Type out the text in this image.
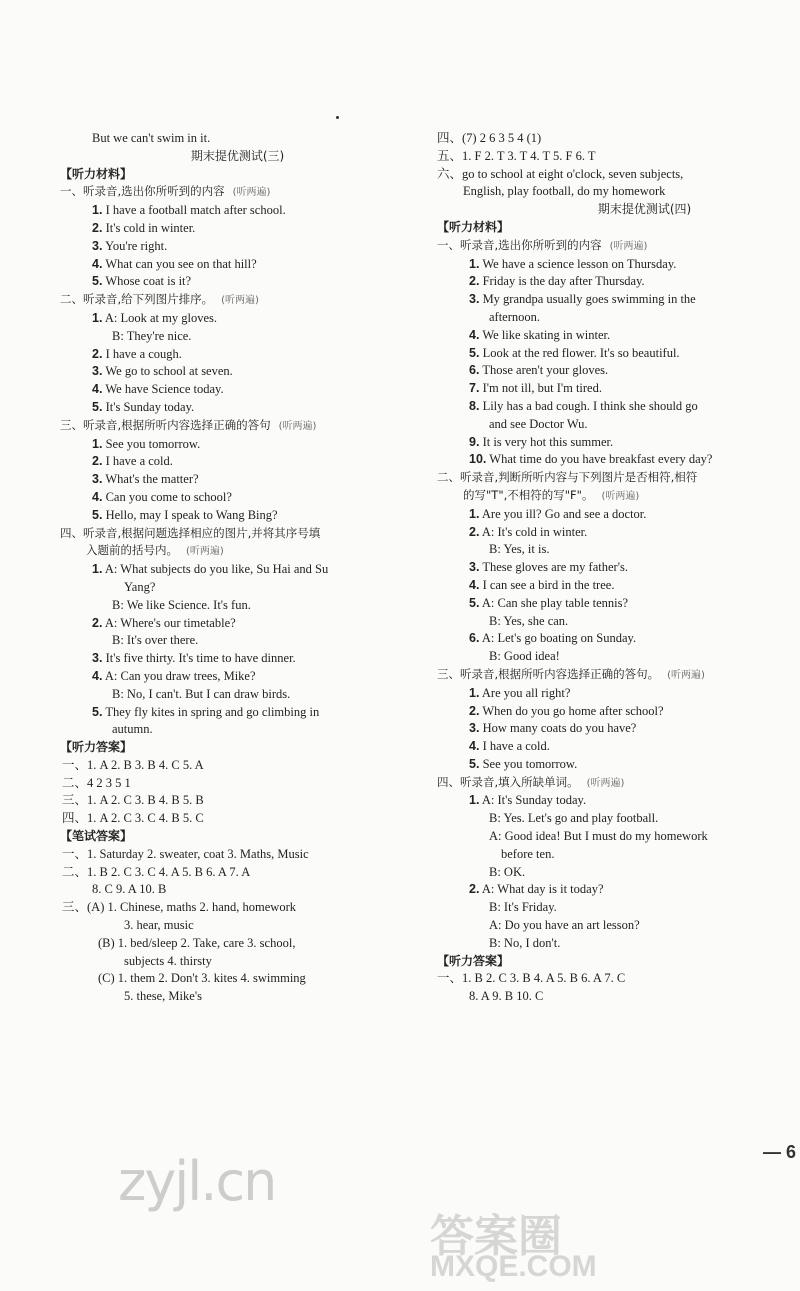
But we can't swim in it.
期末提优测试(三)
【听力材料】
一、听录音,选出你所听到的内容 (听两遍)
1. I have a football match after school.
2. It's cold in winter.
3. You're right.
4. What can you see on that hill?
5. Whose coat is it?
二、听录音,给下列图片排序。 (听两遍)
1. A: Look at my gloves.
B: They're nice.
2. I have a cough.
3. We go to school at seven.
4. We have Science today.
5. It's Sunday today.
三、听录音,根据所听内容选择正确的答句 (听两遍)
1. See you tomorrow.
2. I have a cold.
3. What's the matter?
4. Can you come to school?
5. Hello, may I speak to Wang Bing?
四、听录音,根据问题选择相应的图片,并将其序号填
入题前的括号内。 (听两遍)
1. A: What subjects do you like, Su Hai and Su
Yang?
B: We like Science. It's fun.
2. A: Where's our timetable?
B: It's over there.
3. It's five thirty. It's time to have dinner.
4. A: Can you draw trees, Mike?
B: No, I can't. But I can draw birds.
5. They fly kites in spring and go climbing in
autumn.
【听力答案】
一、1. A 2. B 3. B 4. C 5. A
二、4 2 3 5 1
三、1. A 2. C 3. B 4. B 5. B
四、1. A 2. C 3. C 4. B 5. C
【笔试答案】
一、1. Saturday 2. sweater, coat 3. Maths, Music
二、1. B 2. C 3. C 4. A 5. B 6. A 7. A
8. C 9. A 10. B
三、(A) 1. Chinese, maths 2. hand, homework
3. hear, music
(B) 1. bed/sleep 2. Take, care 3. school,
subjects 4. thirsty
(C) 1. them 2. Don't 3. kites 4. swimming
5. these, Mike's
四、(7) 2 6 3 5 4 (1)
五、1. F 2. T 3. T 4. T 5. F 6. T
六、go to school at eight o'clock, seven subjects,
English, play football, do my homework
期末提优测试(四)
【听力材料】
一、听录音,选出你所听到的内容 (听两遍)
1. We have a science lesson on Thursday.
2. Friday is the day after Thursday.
3. My grandpa usually goes swimming in the
afternoon.
4. We like skating in winter.
5. Look at the red flower. It's so beautiful.
6. Those aren't your gloves.
7. I'm not ill, but I'm tired.
8. Lily has a bad cough. I think she should go
and see Doctor Wu.
9. It is very hot this summer.
10. What time do you have breakfast every day?
二、听录音,判断所听内容与下列图片是否相符,相符
的写"T",不相符的写"F"。 (听两遍)
1. Are you ill? Go and see a doctor.
2. A: It's cold in winter.
B: Yes, it is.
3. These gloves are my father's.
4. I can see a bird in the tree.
5. A: Can she play table tennis?
B: Yes, she can.
6. A: Let's go boating on Sunday.
B: Good idea!
三、听录音,根据所听内容选择正确的答句。 (听两遍)
1. Are you all right?
2. When do you go home after school?
3. How many coats do you have?
4. I have a cold.
5. See you tomorrow.
四、听录音,填入所缺单词。 (听两遍)
1. A: It's Sunday today.
B: Yes. Let's go and play football.
A: Good idea! But I must do my homework
before ten.
B: OK.
2. A: What day is it today?
B: It's Friday.
A: Do you have an art lesson?
B: No, I don't.
【听力答案】
一、1. B 2. C 3. B 4. A 5. B 6. A 7. C
8. A 9. B 10. C
— 6
zyjl.cn
答案圈
MXQE.COM
